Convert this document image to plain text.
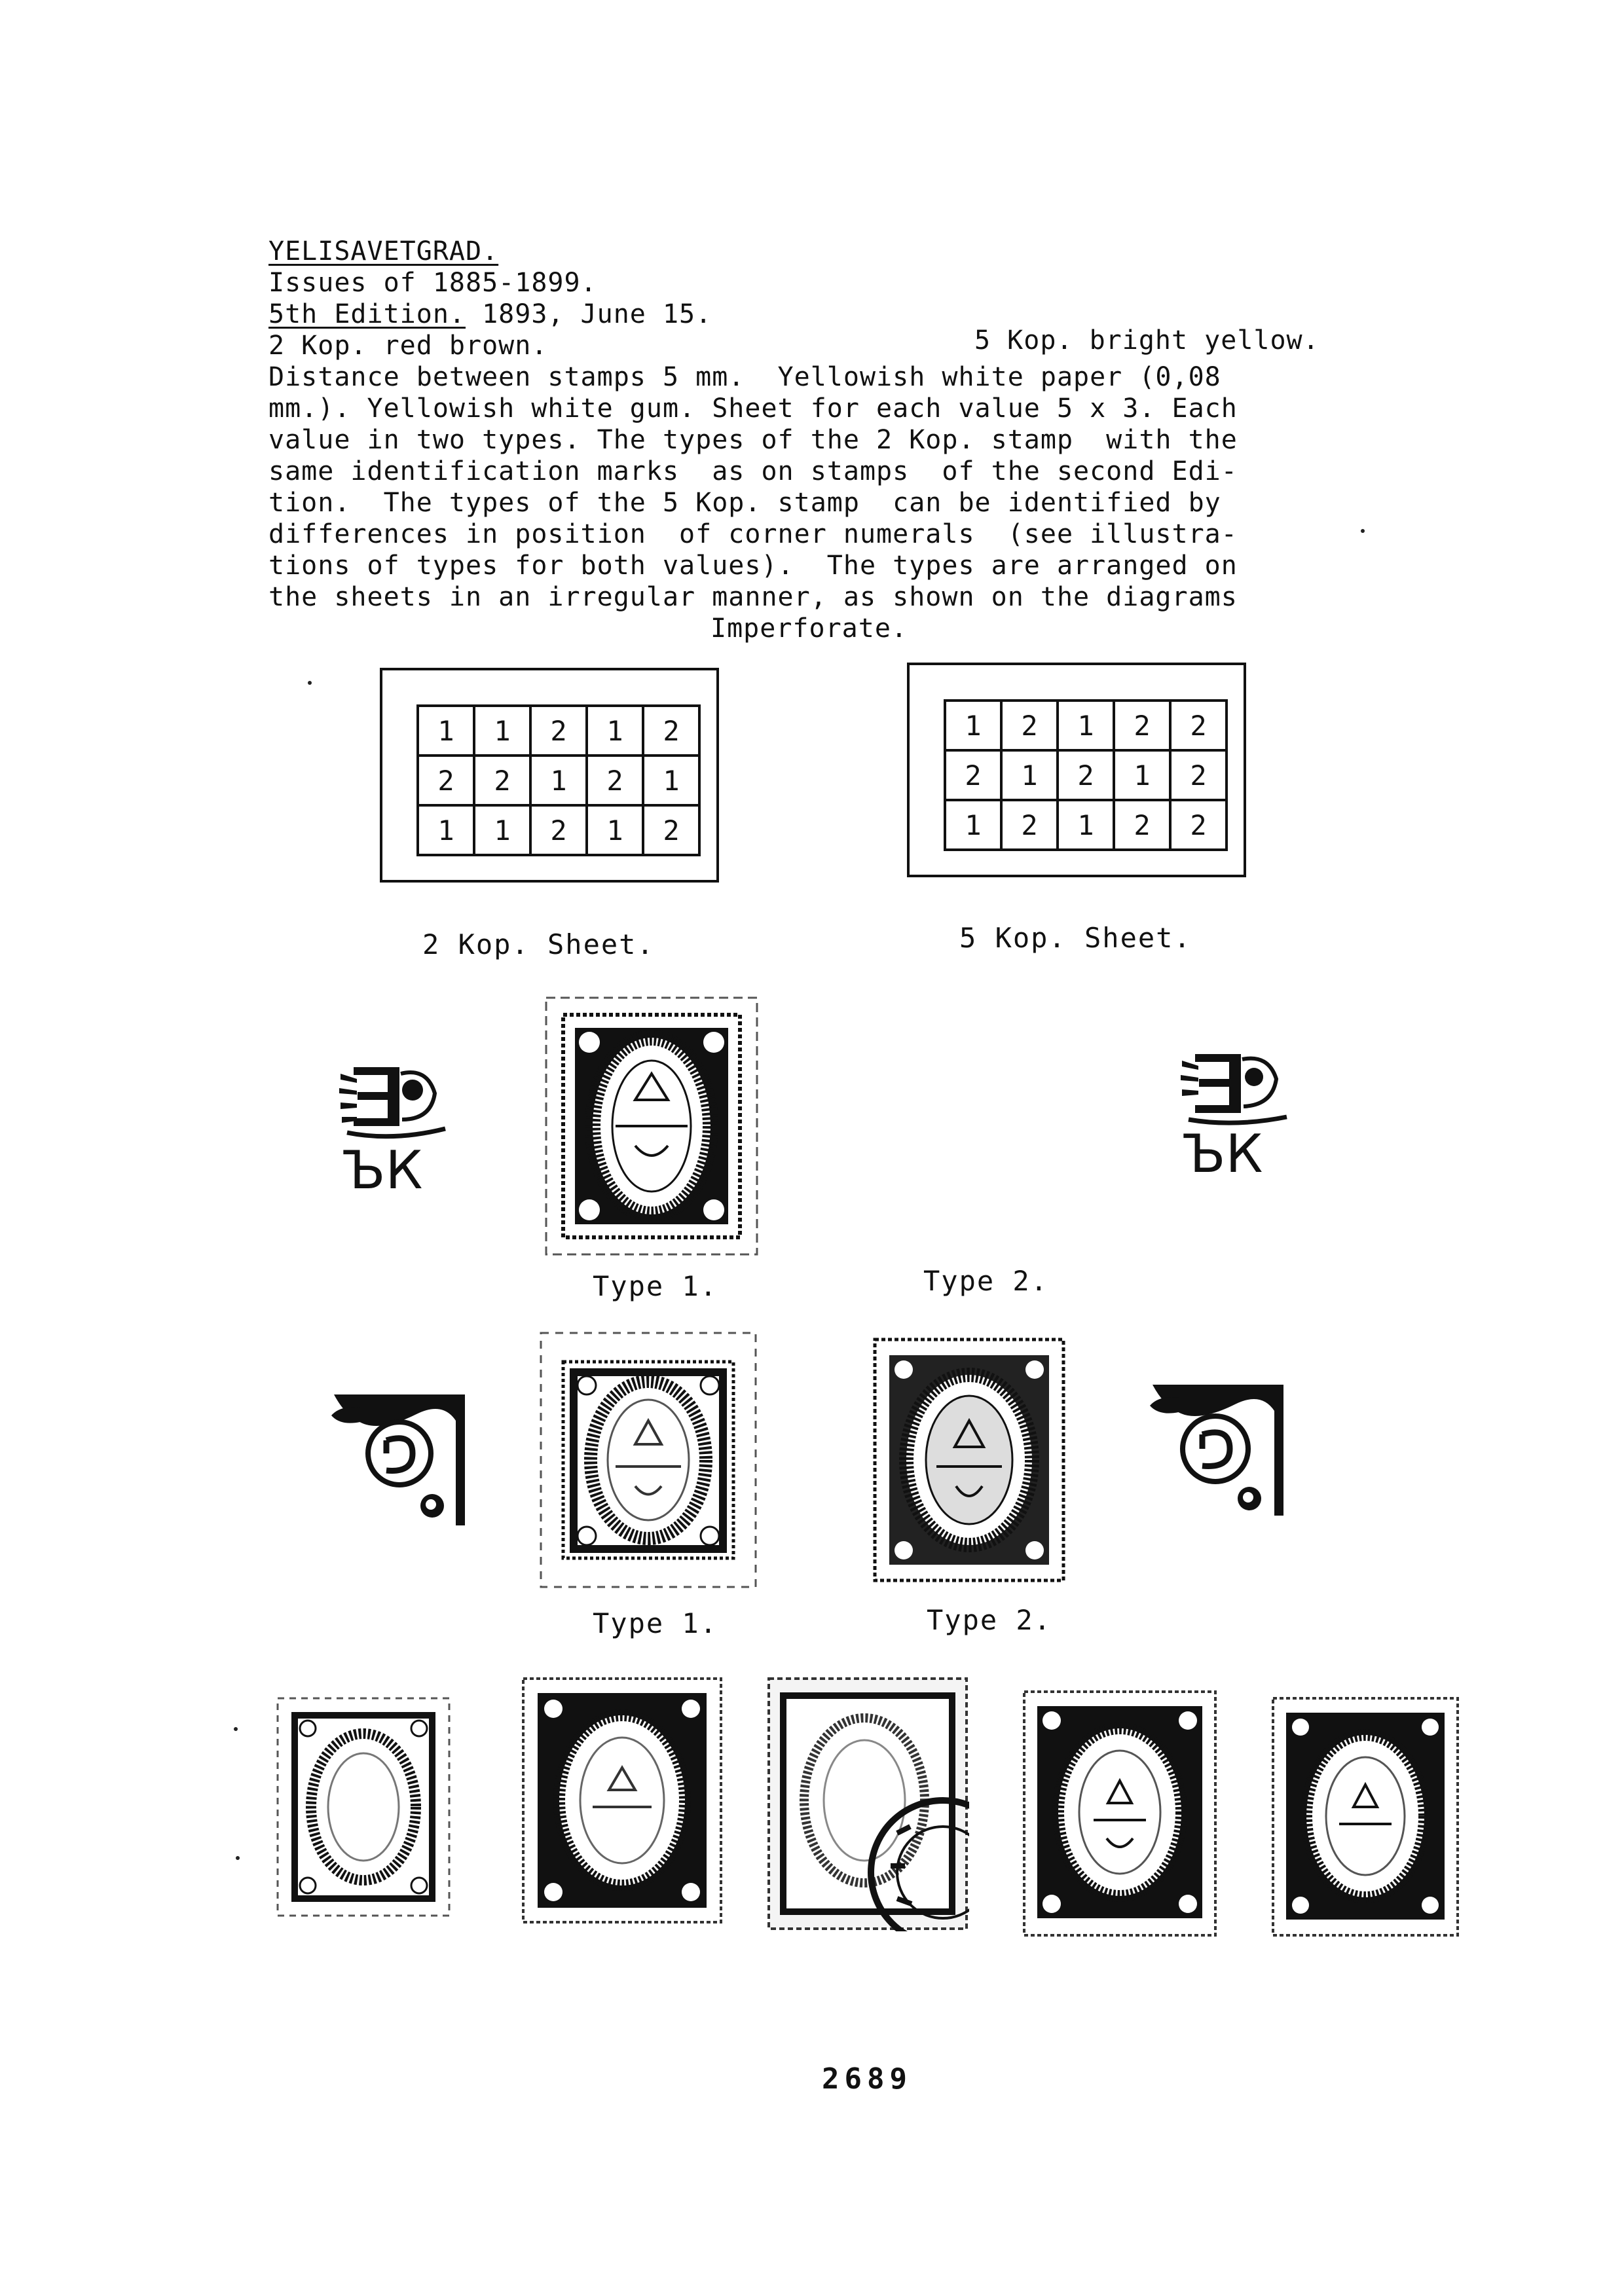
YELISAVETGRAD.
Issues of 1885-1899.
5th Edition. 1893, June 15.
2 Kop. red brown.	5 Kop. bright yellow.
Distance between stamps 5 mm.  Yellowish white paper (0,08
mm.). Yellowish white gum. Sheet for each value 5 x 3. Each
value in two types. The types of the 2 Kop. stamp  with the
same identification marks  as on stamps  of the second Edi-
tion.  The types of the 5 Kop. stamp  can be identified by
differences in position  of corner numerals  (see illustra-
tions of types for both values).  The types are arranged on
the sheets in an irregular manner, as shown on the diagrams
Imperforate.
1	1	2	1	2
2	2	1	2	1
1	1	2	1	2
2 Kop. Sheet.
1	2	1	2	2
2	1	2	1	2
1	2	1	2	2
5 Kop. Sheet.
ЪК	ЪК
Type 1.	Type 2.
Type 1.	Type 2.
2689
